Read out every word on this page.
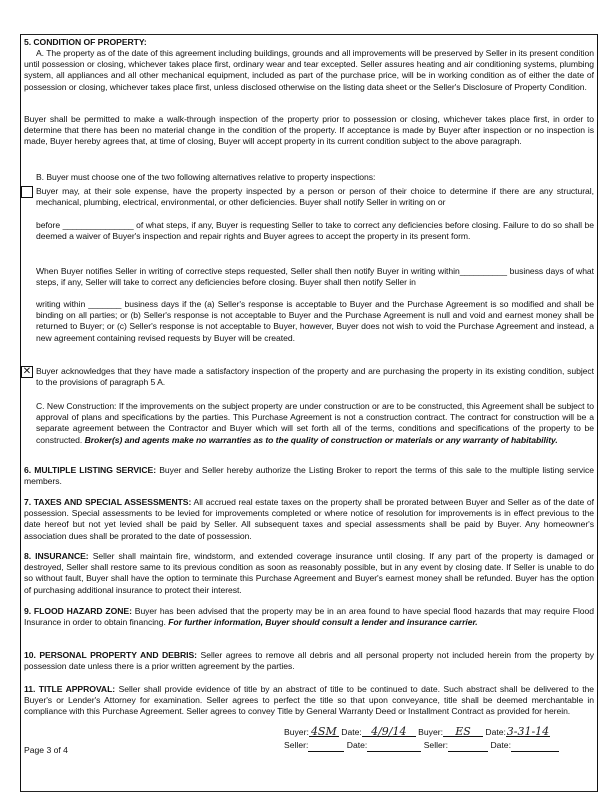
5. CONDITION OF PROPERTY:
A. The property as of the date of this agreement including buildings, grounds and all improvements will be preserved by Seller in its present condition until possession or closing, whichever takes place first, ordinary wear and tear excepted. Seller assures heating and air conditioning systems, plumbing system, all appliances and all other mechanical equipment, included as part of the purchase price, will be in working condition as of either the date of possession or closing, whichever takes place first, unless disclosed otherwise on the listing data sheet or the Seller's Disclosure of Property Condition.
Buyer shall be permitted to make a walk-through inspection of the property prior to possession or closing, whichever takes place first, in order to determine that there has been no material change in the condition of the property. If acceptance is made by Buyer after inspection or no inspection is made, Buyer hereby agrees that, at time of closing, Buyer will accept property in its current condition subject to the above paragraph.
B. Buyer must choose one of the two following alternatives relative to property inspections:
Buyer may, at their sole expense, have the property inspected by a person or person of their choice to determine if there are any structural, mechanical, plumbing, electrical, environmental, or other deficiencies. Buyer shall notify Seller in writing on or
before _______________ of what steps, if any, Buyer is requesting Seller to take to correct any deficiencies before closing. Failure to do so shall be deemed a waiver of Buyer's inspection and repair rights and Buyer agrees to accept the property in its present form.
When Buyer notifies Seller in writing of corrective steps requested, Seller shall then notify Buyer in writing within__________ business days of what steps, if any, Seller will take to correct any deficiencies before closing. Buyer shall then notify Seller in
writing within _______ business days if the (a) Seller's response is acceptable to Buyer and the Purchase Agreement is so modified and shall be binding on all parties; or (b) Seller's response is not acceptable to Buyer and the Purchase Agreement is null and void and earnest money shall be returned to Buyer; or (c) Seller's response is not acceptable to Buyer, however, Buyer does not wish to void the Purchase Agreement and instead, a new agreement containing revised requests by Buyer will be created.
✕ Buyer acknowledges that they have made a satisfactory inspection of the property and are purchasing the property in its existing condition, subject to the provisions of paragraph 5 A.
C. New Construction: If the improvements on the subject property are under construction or are to be constructed, this Agreement shall be subject to approval of plans and specifications by the parties. This Purchase Agreement is not a construction contract. The contract for construction will be a separate agreement between the Contractor and Buyer which will set forth all of the terms, conditions and specifications of the property to be constructed. Broker(s) and agents make no warranties as to the quality of construction or materials or any warranty of habitability.
6. MULTIPLE LISTING SERVICE: Buyer and Seller hereby authorize the Listing Broker to report the terms of this sale to the multiple listing service members.
7. TAXES AND SPECIAL ASSESSMENTS: All accrued real estate taxes on the property shall be prorated between Buyer and Seller as of the date of possession. Special assessments to be levied for improvements completed or where notice of resolution for improvements is in effect previous to the date hereof but not yet levied shall be paid by Seller. All subsequent taxes and special assessments shall be paid by Buyer. Any homeowner's association dues shall be prorated to the date of possession.
8. INSURANCE: Seller shall maintain fire, windstorm, and extended coverage insurance until closing. If any part of the property is damaged or destroyed, Seller shall restore same to its previous condition as soon as reasonably possible, but in any event by closing date. If Seller is unable to do so without fault, Buyer shall have the option to terminate this Purchase Agreement and Buyer's earnest money shall be refunded. Buyer has the option of purchasing additional insurance to protect their interest.
9. FLOOD HAZARD ZONE: Buyer has been advised that the property may be in an area found to have special flood hazards that may require Flood Insurance in order to obtain financing. For further information, Buyer should consult a lender and insurance carrier.
10. PERSONAL PROPERTY AND DEBRIS: Seller agrees to remove all debris and all personal property not included herein from the property by possession date unless there is a prior written agreement by the parties.
11. TITLE APPROVAL: Seller shall provide evidence of title by an abstract of title to be continued to date. Such abstract shall be delivered to the Buyer's or Lender's Attorney for examination. Seller agrees to perfect the title so that upon conveyance, title shall be deemed merchantable in compliance with this Purchase Agreement. Seller agrees to convey Title by General Warranty Deed or Installment Contract as provided for herein.
Buyer: 4SM Date: 4/9/14 Buyer: ES Date:3-31-14
Seller:	Date:	Seller:	Date:
Page 3 of 4
